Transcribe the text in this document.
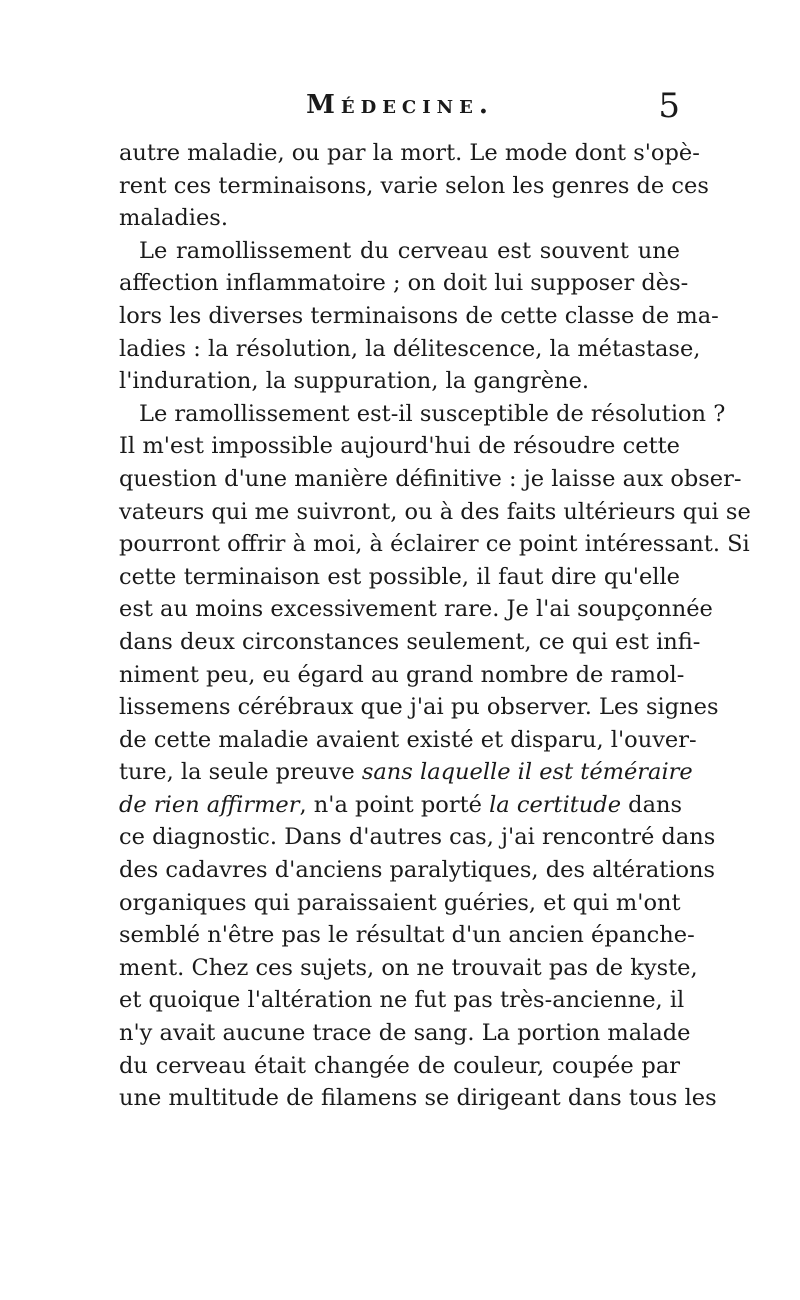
Médecine.	5
autre maladie, ou par la mort. Le mode dont s'opè-
rent ces terminaisons, varie selon les genres de ces
maladies.
Le ramollissement du cerveau est souvent une
affection inflammatoire ; on doit lui supposer dès-
lors les diverses terminaisons de cette classe de ma-
ladies : la résolution, la délitescence, la métastase,
l'induration, la suppuration, la gangrène.
Le ramollissement est-il susceptible de résolution ?
Il m'est impossible aujourd'hui de résoudre cette
question d'une manière définitive : je laisse aux obser-
vateurs qui me suivront, ou à des faits ultérieurs qui se
pourront offrir à moi, à éclairer ce point intéressant. Si
cette terminaison est possible, il faut dire qu'elle
est au moins excessivement rare. Je l'ai soupçonnée
dans deux circonstances seulement, ce qui est infi-
niment peu, eu égard au grand nombre de ramol-
lissemens cérébraux que j'ai pu observer. Les signes
de cette maladie avaient existé et disparu, l'ouver-
ture, la seule preuve sans laquelle il est téméraire
de rien affirmer, n'a point porté la certitude dans
ce diagnostic. Dans d'autres cas, j'ai rencontré dans
des cadavres d'anciens paralytiques, des altérations
organiques qui paraissaient guéries, et qui m'ont
semblé n'être pas le résultat d'un ancien épanche-
ment. Chez ces sujets, on ne trouvait pas de kyste,
et quoique l'altération ne fut pas très-ancienne, il
n'y avait aucune trace de sang. La portion malade
du cerveau était changée de couleur, coupée par
une multitude de filamens se dirigeant dans tous les
